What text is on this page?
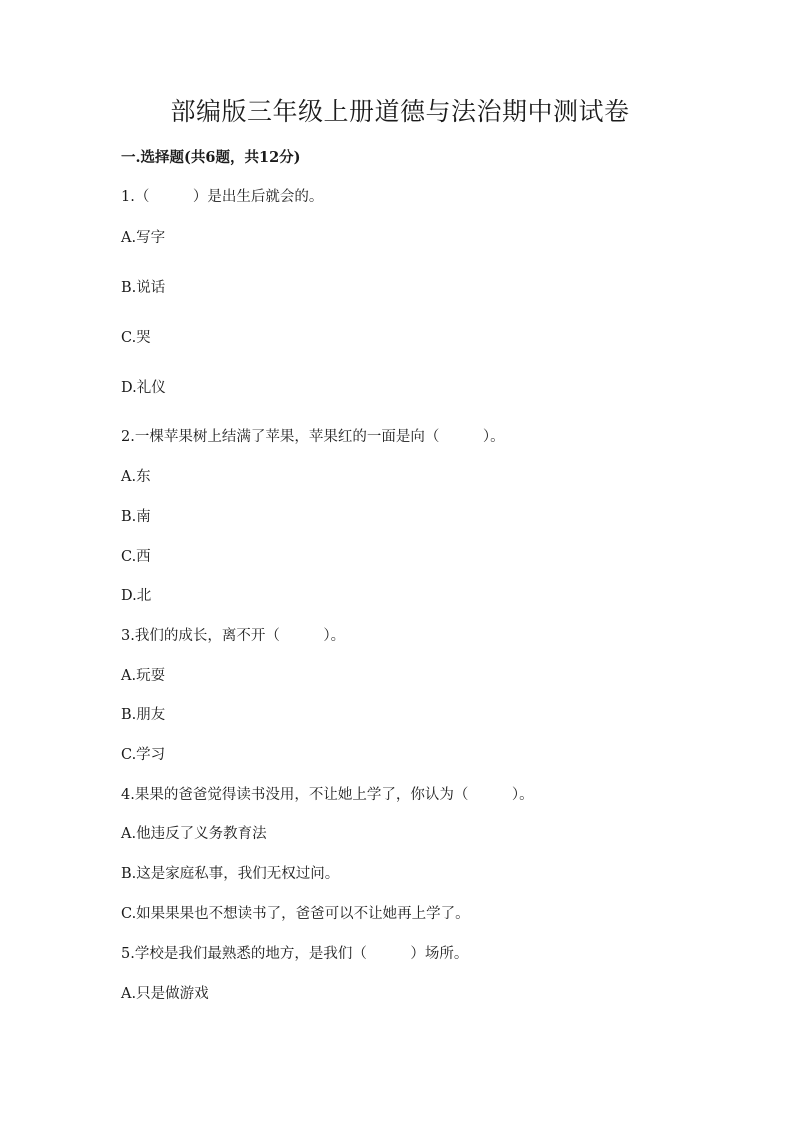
部编版三年级上册道德与法治期中测试卷

一.选择题(共6题，共12分)

1.（　　　）是出生后就会的。

A.写字

B.说话

C.哭

D.礼仪

2.一棵苹果树上结满了苹果，苹果红的一面是向（　　　）。

A.东

B.南

C.西

D.北

3.我们的成长，离不开（　　　）。

A.玩耍

B.朋友

C.学习

4.果果的爸爸觉得读书没用，不让她上学了，你认为（　　　）。

A.他违反了义务教育法

B.这是家庭私事，我们无权过问。

C.如果果果也不想读书了，爸爸可以不让她再上学了。

5.学校是我们最熟悉的地方，是我们（　　　）场所。

A.只是做游戏
